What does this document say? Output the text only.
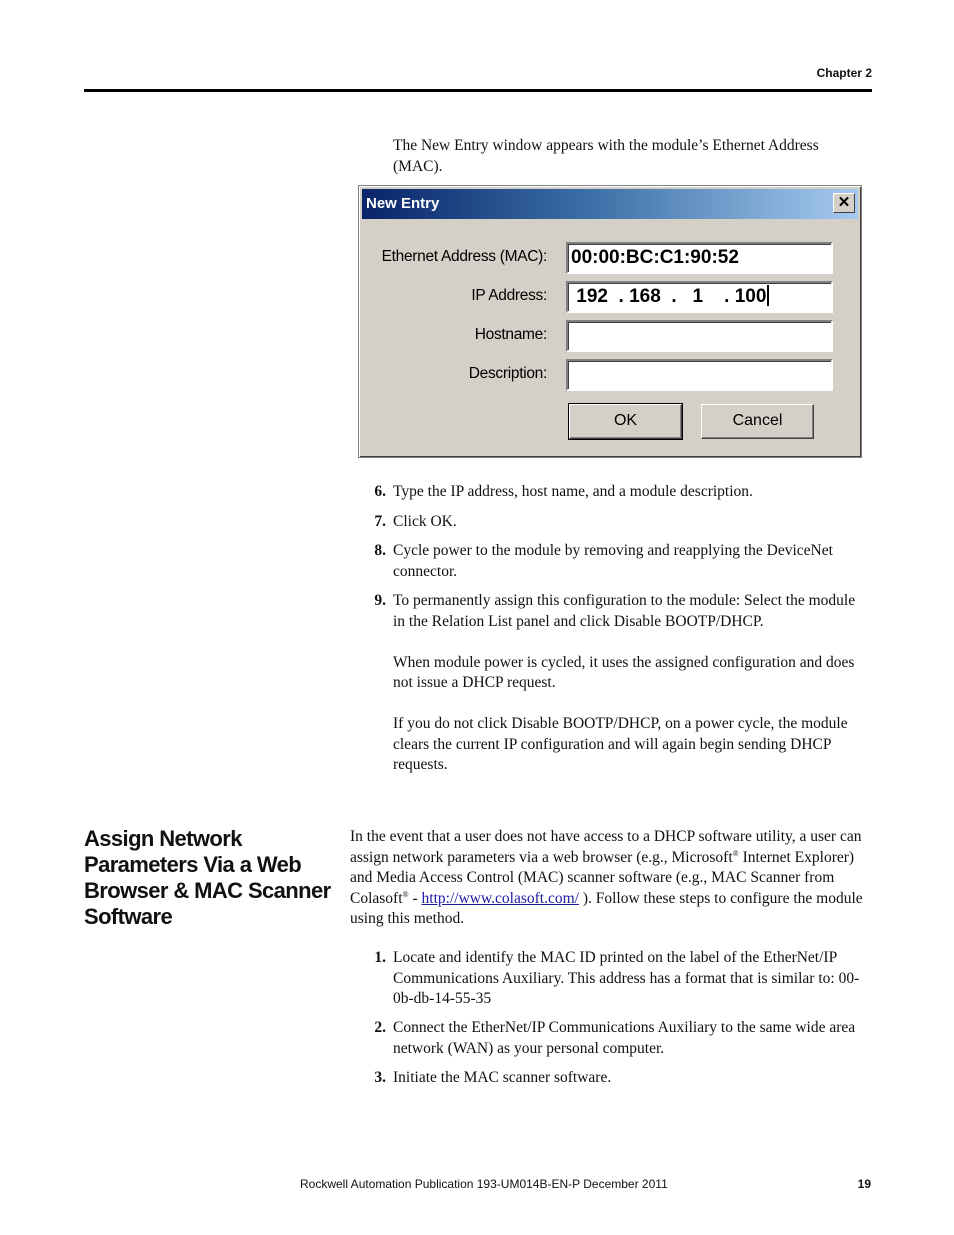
Chapter 2
The New Entry window appears with the module’s Ethernet Address (MAC).
New Entry	✕
Ethernet Address (MAC): 00:00:BC:C1:90:52
IP Address: 192  . 168  .   1    . 100
Hostname:
Description:
OK	Cancel
6. Type the IP address, host name, and a module description.
7. Click OK.
8. Cycle power to the module by removing and reapplying the DeviceNet connector.
9. To permanently assign this configuration to the module: Select the module in the Relation List panel and click Disable BOOTP/DHCP.
When module power is cycled, it uses the assigned configuration and does not issue a DHCP request.
If you do not click Disable BOOTP/DHCP, on a power cycle, the module clears the current IP configuration and will again begin sending DHCP requests.
Assign Network Parameters Via a Web Browser & MAC Scanner Software
In the event that a user does not have access to a DHCP software utility, a user can assign network parameters via a web browser (e.g., Microsoft® Internet Explorer) and Media Access Control (MAC) scanner software (e.g., MAC Scanner from Colasoft® - http://www.colasoft.com/ ). Follow these steps to configure the module using this method.
1. Locate and identify the MAC ID printed on the label of the EtherNet/IP Communications Auxiliary. This address has a format that is similar to: 00-0b-db-14-55-35
2. Connect the EtherNet/IP Communications Auxiliary to the same wide area network (WAN) as your personal computer.
3. Initiate the MAC scanner software.
Rockwell Automation Publication 193-UM014B-EN-P December 2011	19
